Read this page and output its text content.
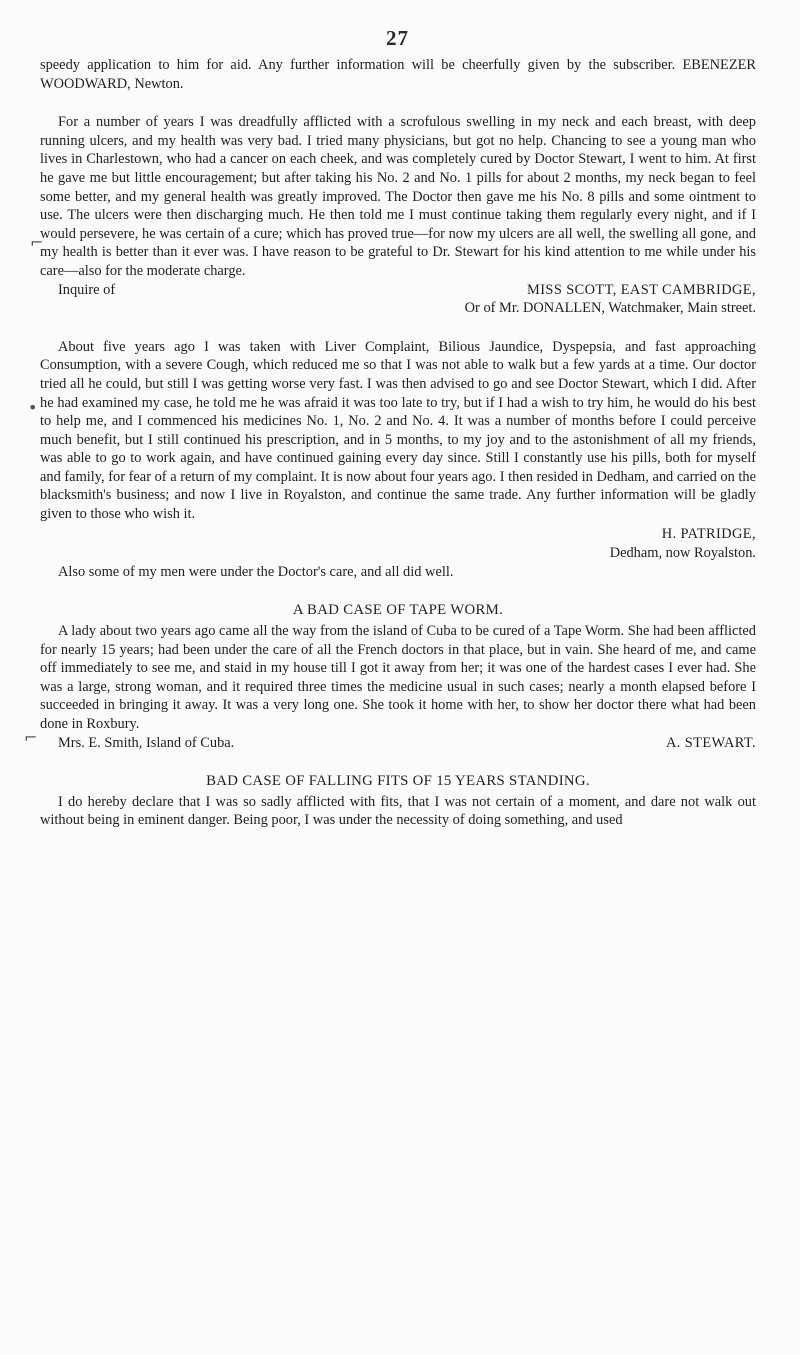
27
⌐
•
⌐

speedy application to him for aid. Any further information will be cheerfully given by the subscriber. EBENEZER WOODWARD, Newton.

For a number of years I was dreadfully afflicted with a scrofulous swelling in my neck and each breast, with deep running ulcers, and my health was very bad. I tried many physicians, but got no help. Chancing to see a young man who lives in Charlestown, who had a cancer on each cheek, and was completely cured by Doctor Stewart, I went to him. At first he gave me but little encouragement; but after taking his No. 2 and No. 1 pills for about 2 months, my neck began to feel some better, and my general health was greatly improved. The Doctor then gave me his No. 8 pills and some ointment to use. The ulcers were then discharging much. He then told me I must continue taking them regularly every night, and if I would persevere, he was certain of a cure; which has proved true—for now my ulcers are all well, the swelling all gone, and my health is better than it ever was. I have reason to be grateful to Dr. Stewart for his kind attention to me while under his care—also for the moderate charge.

Inquire of	MISS SCOTT, EAST CAMBRIDGE,

Or of Mr. DONALLEN, Watchmaker, Main street.

About five years ago I was taken with Liver Complaint, Bilious Jaundice, Dyspepsia, and fast approaching Consumption, with a severe Cough, which reduced me so that I was not able to walk but a few yards at a time. Our doctor tried all he could, but still I was getting worse very fast. I was then advised to go and see Doctor Stewart, which I did. After he had examined my case, he told me he was afraid it was too late to try, but if I had a wish to try him, he would do his best to help me, and I commenced his medicines No. 1, No. 2 and No. 4. It was a number of months before I could perceive much benefit, but I still continued his prescription, and in 5 months, to my joy and to the astonishment of all my friends, was able to go to work again, and have continued gaining every day since. Still I constantly use his pills, both for myself and family, for fear of a return of my complaint. It is now about four years ago. I then resided in Dedham, and carried on the blacksmith's business; and now I live in Royalston, and continue the same trade. Any further information will be gladly given to those who wish it.

H. PATRIDGE,
Dedham, now Royalston.

Also some of my men were under the Doctor's care, and all did well.

A BAD CASE OF TAPE WORM.

A lady about two years ago came all the way from the island of Cuba to be cured of a Tape Worm. She had been afflicted for nearly 15 years; had been under the care of all the French doctors in that place, but in vain. She heard of me, and came off immediately to see me, and staid in my house till I got it away from her; it was one of the hardest cases I ever had. She was a large, strong woman, and it required three times the medicine usual in such cases; nearly a month elapsed before I succeeded in bringing it away. It was a very long one. She took it home with her, to show her doctor there what had been done in Roxbury.

Mrs. E. Smith, Island of Cuba.	A. STEWART.
BAD CASE OF FALLING FITS OF 15 YEARS STANDING.

I do hereby declare that I was so sadly afflicted with fits, that I was not certain of a moment, and dare not walk out without being in eminent danger. Being poor, I was under the necessity of doing something, and used
